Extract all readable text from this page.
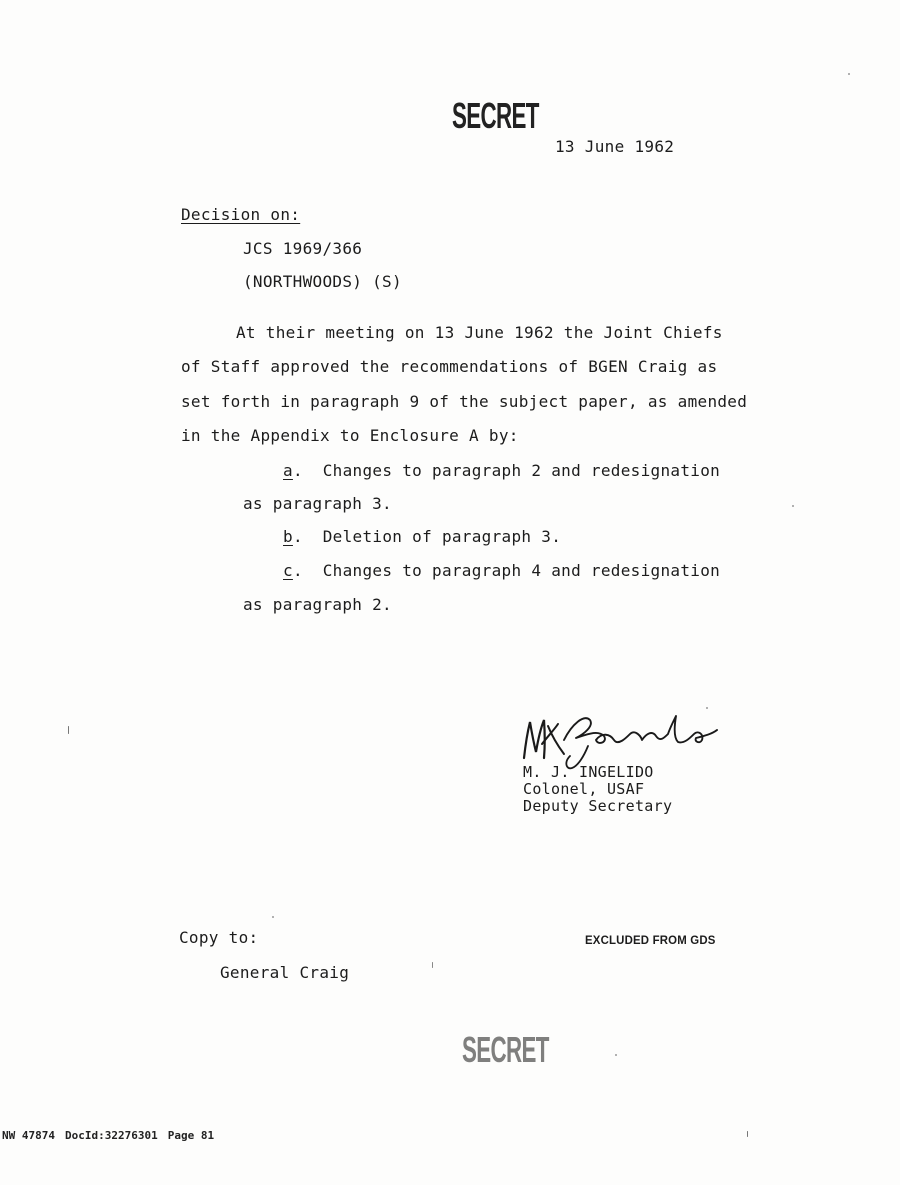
SECRET
13 June 1962
Decision on:
JCS 1969/366
(NORTHWOODS) (S)
At their meeting on 13 June 1962 the Joint Chiefs
of Staff approved the recommendations of BGEN Craig as
set forth in paragraph 9 of the subject paper, as amended
in the Appendix to Enclosure A by:
a.  Changes to paragraph 2 and redesignation
as paragraph 3.
b.  Deletion of paragraph 3.
c.  Changes to paragraph 4 and redesignation
as paragraph 2.
M. J. INGELIDO
Colonel, USAF
Deputy Secretary
Copy to:
General Craig
EXCLUDED FROM GDS
SECRET
NW 47874 DocId:32276301 Page 81
